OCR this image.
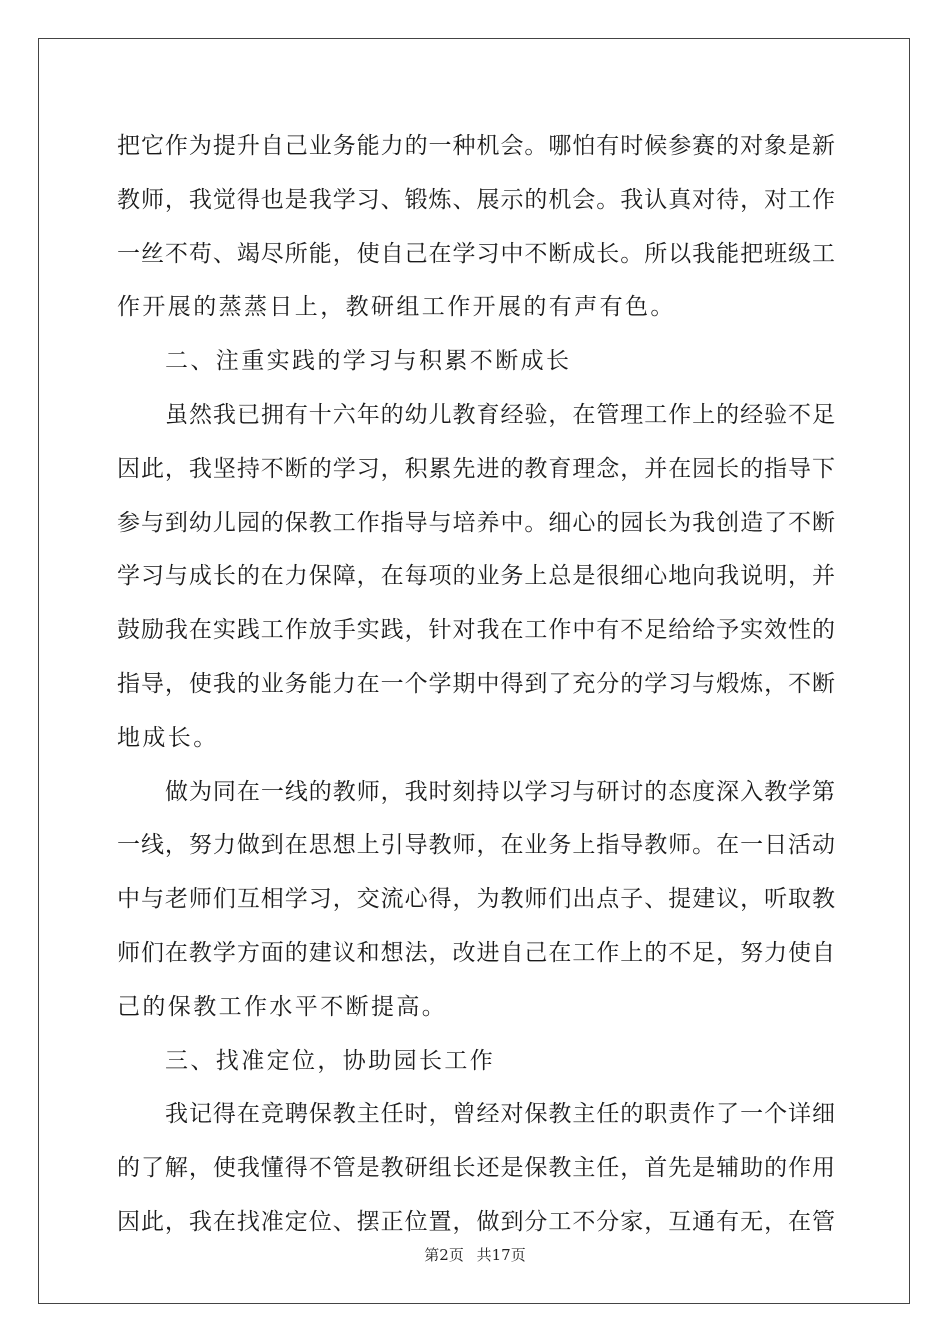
把它作为提升自己业务能力的一种机会。哪怕有时候参赛的对象是新
教师，我觉得也是我学习、锻炼、展示的机会。我认真对待，对工作
一丝不苟、竭尽所能，使自己在学习中不断成长。所以我能把班级工
作开展的蒸蒸日上，教研组工作开展的有声有色。
二、注重实践的学习与积累不断成长
虽然我已拥有十六年的幼儿教育经验，在管理工作上的经验不足
因此，我坚持不断的学习，积累先进的教育理念，并在园长的指导下
参与到幼儿园的保教工作指导与培养中。细心的园长为我创造了不断
学习与成长的在力保障，在每项的业务上总是很细心地向我说明，并
鼓励我在实践工作放手实践，针对我在工作中有不足给给予实效性的
指导，使我的业务能力在一个学期中得到了充分的学习与煅炼，不断
地成长。
做为同在一线的教师，我时刻持以学习与研讨的态度深入教学第
一线，努力做到在思想上引导教师，在业务上指导教师。在一日活动
中与老师们互相学习，交流心得，为教师们出点子、提建议，听取教
师们在教学方面的建议和想法，改进自己在工作上的不足，努力使自
己的保教工作水平不断提高。
三、找准定位，协助园长工作
我记得在竞聘保教主任时，曾经对保教主任的职责作了一个详细
的了解，使我懂得不管是教研组长还是保教主任，首先是辅助的作用
因此，我在找准定位、摆正位置，做到分工不分家，互通有无，在管
第2页 共17页
